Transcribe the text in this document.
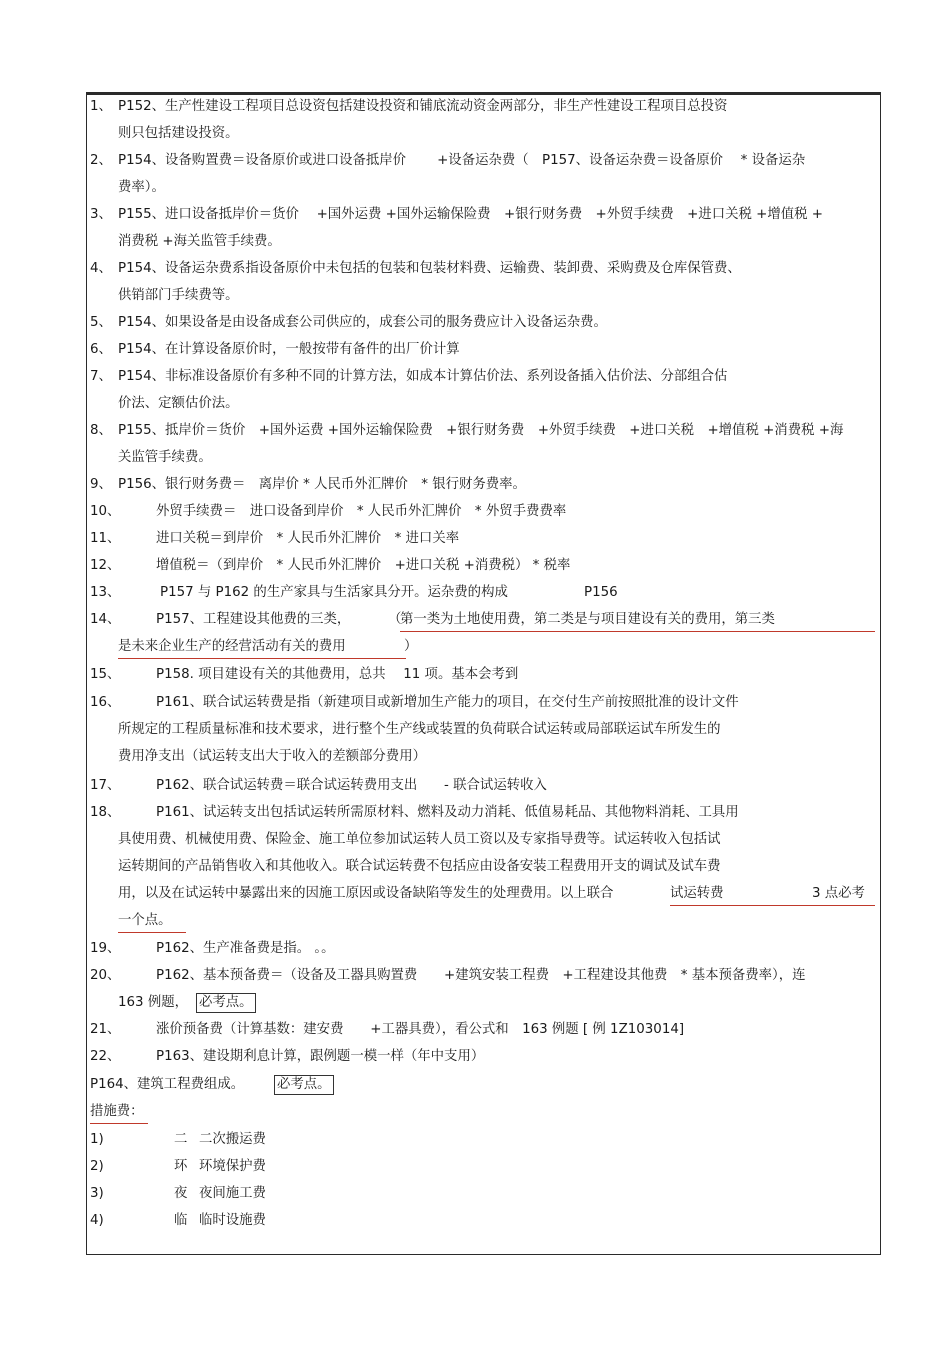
1、 P152、生产性建设工程项目总设资包括建设投资和铺底流动资金两部分，非生产性建设工程项目总投资
则只包括建设投资。
2、 P154、设备购置费＝设备原价或进口设备抵岸价　　 +设备运杂费（　P157、设备运杂费＝设备原价　 * 设备运杂
费率）。
3、 P155、进口设备抵岸价＝货价　 +国外运费 +国外运输保险费　+银行财务费　+外贸手续费　+进口关税 +增值税 +
消费税 +海关监管手续费。
4、 P154、设备运杂费系指设备原价中未包括的包装和包装材料费、运输费、装卸费、采购费及仓库保管费、
供销部门手续费等。
5、 P154、如果设备是由设备成套公司供应的，成套公司的服务费应计入设备运杂费。
6、 P154、在计算设备原价时，一般按带有备件的出厂价计算
7、 P154、非标准设备原价有多种不同的计算方法，如成本计算估价法、系列设备插入估价法、分部组合估
价法、定额估价法。
8、 P155、抵岸价＝货价　+国外运费 +国外运输保险费　+银行财务费　+外贸手续费　+进口关税　+增值税 +消费税 +海
关监管手续费。
9、 P156、银行财务费＝　离岸价 * 人民币外汇牌价　* 银行财务费率。
10、	外贸手续费＝　进口设备到岸价　* 人民币外汇牌价　* 外贸手费费率
11、	进口关税＝到岸价　* 人民币外汇牌价　* 进口关率
12、	增值税＝（到岸价　* 人民币外汇牌价　+进口关税 +消费税） * 税率
13、	P157 与 P162 的生产家具与生活家具分开。运杂费的构成	P156
14、	P157、工程建设其他费的三类，	（
第一类为土地使用费，第二类是与项目建设有关的费用，第三类
是未来企业生产的经营活动有关的费用	）
15、	P158. 项目建设有关的其他费用，总共　 11 项。基本会考到
16、	P161、联合试运转费是指（新建项目或新增加生产能力的项目，在交付生产前按照批准的设计文件
所规定的工程质量标准和技术要求，进行整个生产线或装置的负荷联合试运转或局部联运试车所发生的
费用净支出（试运转支出大于收入的差额部分费用）
17、	P162、联合试运转费＝联合试运转费用支出　　- 联合试运转收入
18、	P161、试运转支出包括试运转所需原材料、燃料及动力消耗、低值易耗品、其他物料消耗、工具用
具使用费、机械使用费、保险金、施工单位参加试运转人员工资以及专家指导费等。试运转收入包括试
运转期间的产品销售收入和其他收入。联合试运转费不包括应由设备安装工程费用开支的调试及试车费
用，以及在试运转中暴露出来的因施工原因或设备缺陷等发生的处理费用。以上联合	试运转费	3 点必考
一个点。
19、	P162、生产准备费是指。 。。
20、	P162、基本预备费＝（设备及工器具购置费　　+建筑安装工程费　+工程建设其他费　* 基本预备费率），连
163 例题， 必考点。
21、	涨价预备费（计算基数：建安费　　+工器具费），看公式和　163 例题 [ 例 1Z103014]
22、	P163、建设期利息计算，跟例题一模一样（年中支用）
P164、建筑工程费组成。 必考点。
措施费：
1)	二 二次搬运费
2)	环 环境保护费
3)	夜 夜间施工费
4)	临 临时设施费
